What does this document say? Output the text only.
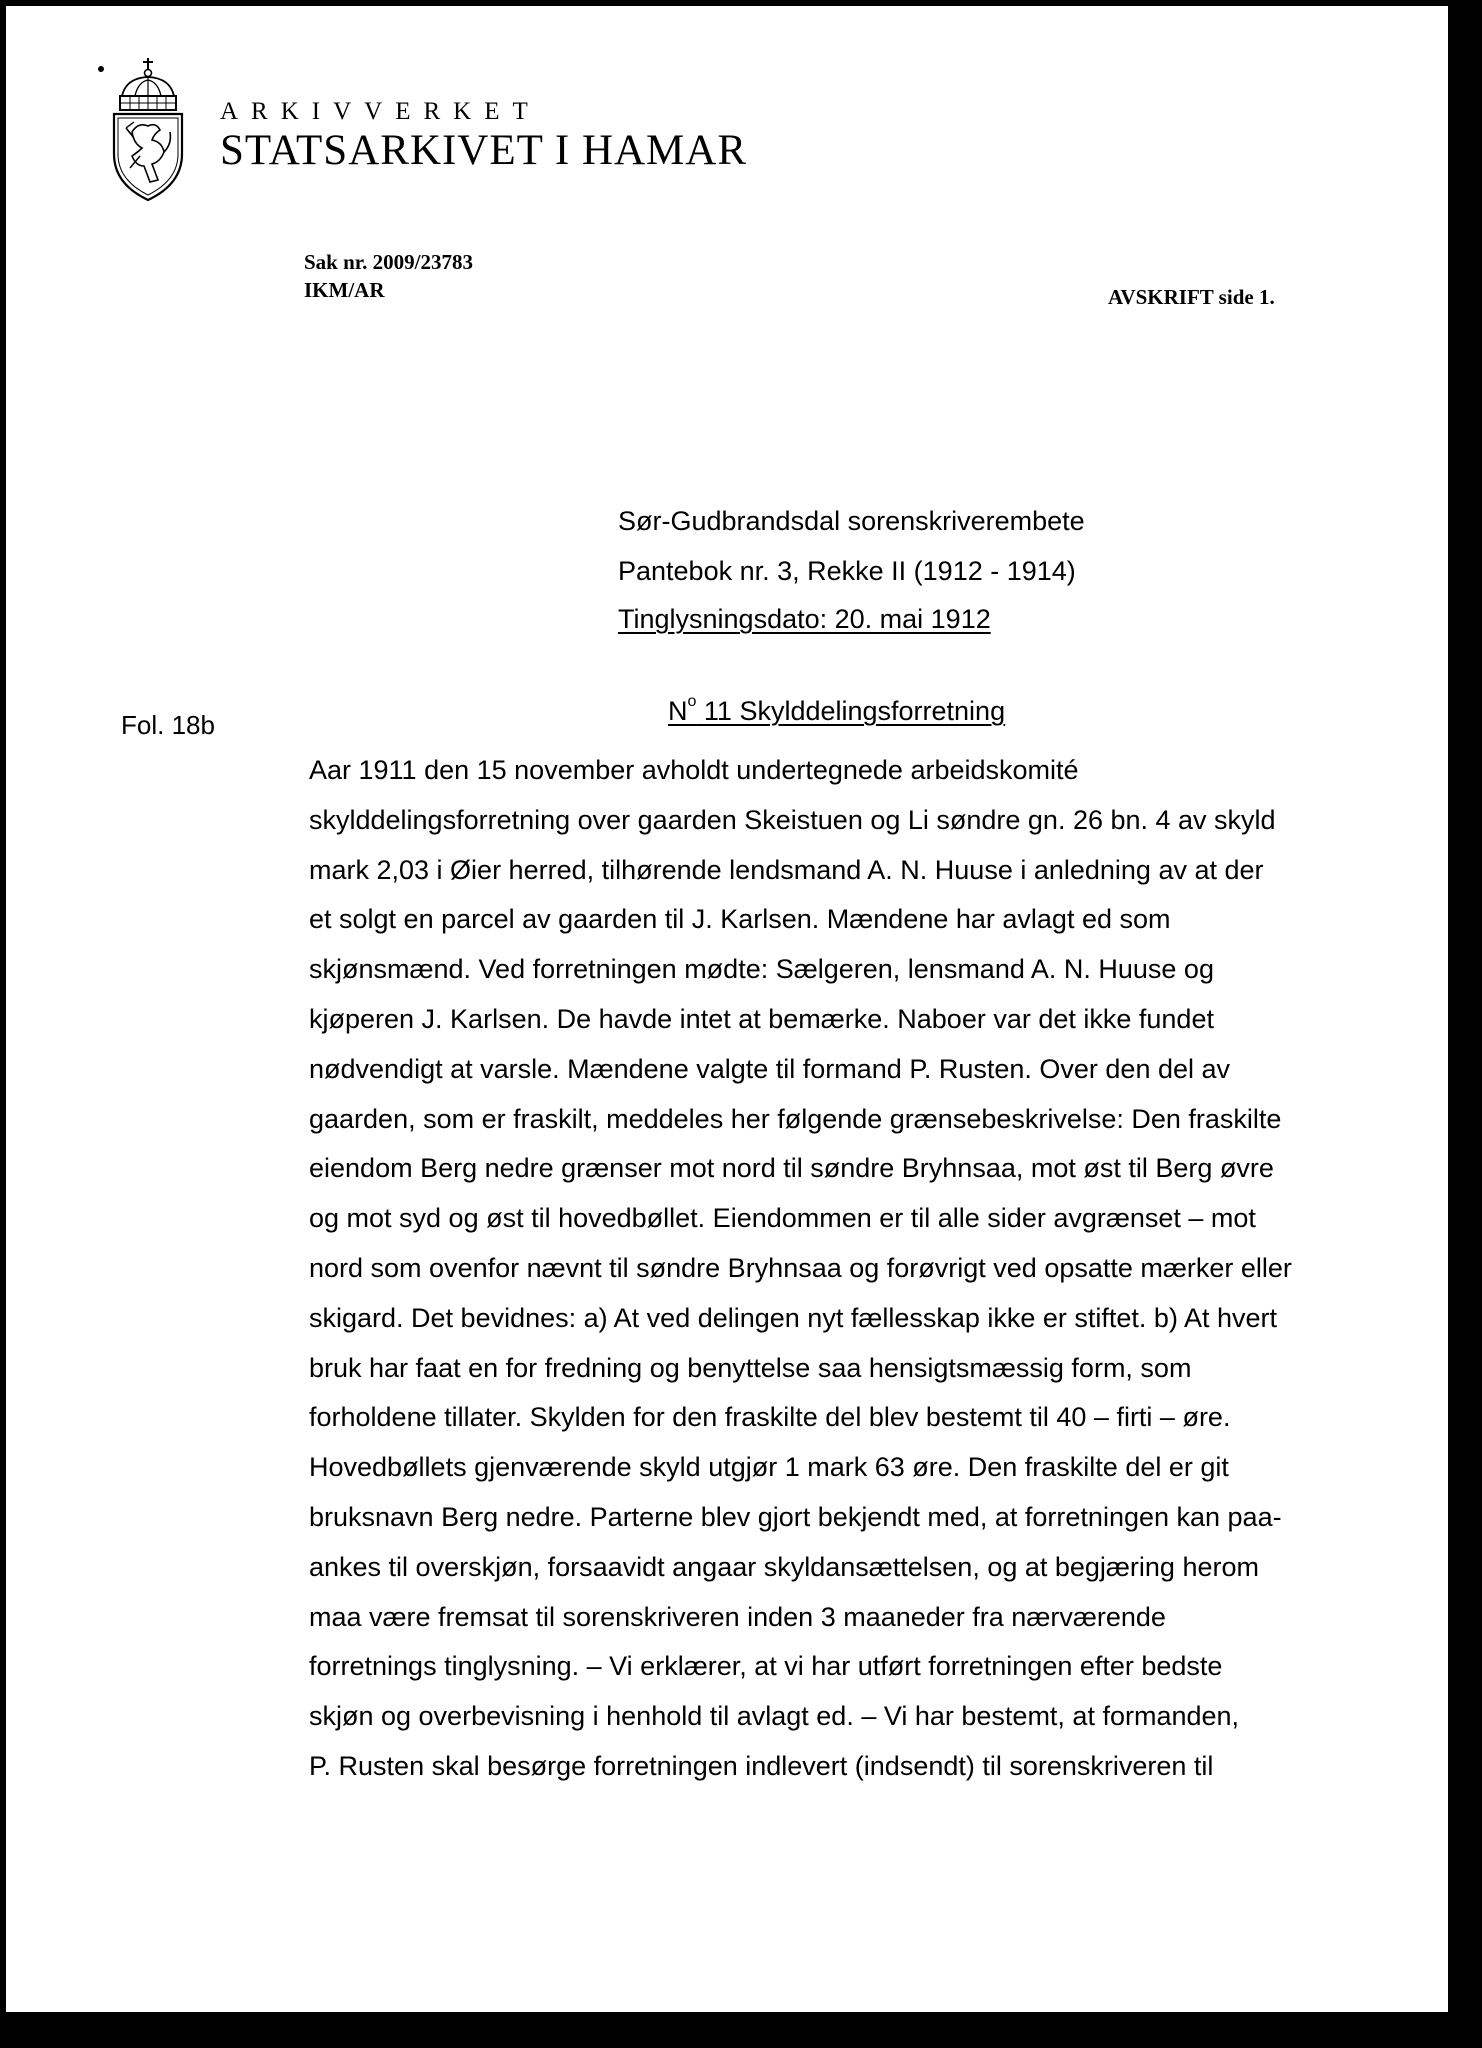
ARKIVVERKET
STATSARKIVET I HAMAR
Sak nr. 2009/23783
IKM/AR	AVSKRIFT side 1.
Sør-Gudbrandsdal sorenskriverembete
Pantebok nr. 3, Rekke II (1912 - 1914)
Tinglysningsdato: 20. mai 1912
Fol. 18b	$N^o$ 11 Skylddelingsforretning
Aar 1911 den 15 november avholdt undertegnede arbeidskomité
skylddelingsforretning over gaarden Skeistuen og Li søndre gn. 26 bn. 4 av skyld
mark 2,03 i Øier herred, tilhørende lendsmand A. N. Huuse i anledning av at der
et solgt en parcel av gaarden til J. Karlsen. Mændene har avlagt ed som
skjønsmænd. Ved forretningen mødte: Sælgeren, lensmand A. N. Huuse og
kjøperen J. Karlsen. De havde intet at bemærke. Naboer var det ikke fundet
nødvendigt at varsle. Mændene valgte til formand P. Rusten. Over den del av
gaarden, som er fraskilt, meddeles her følgende grænsebeskrivelse: Den fraskilte
eiendom Berg nedre grænser mot nord til søndre Bryhnsaa, mot øst til Berg øvre
og mot syd og øst til hovedbøllet. Eiendommen er til alle sider avgrænset – mot
nord som ovenfor nævnt til søndre Bryhnsaa og forøvrigt ved opsatte mærker eller
skigard. Det bevidnes: a) At ved delingen nyt fællesskap ikke er stiftet. b) At hvert
bruk har faat en for fredning og benyttelse saa hensigtsmæssig form, som
forholdene tillater. Skylden for den fraskilte del blev bestemt til 40 – firti – øre.
Hovedbøllets gjenværende skyld utgjør 1 mark 63 øre. Den fraskilte del er git
bruksnavn Berg nedre. Parterne blev gjort bekjendt med, at forretningen kan paa-
ankes til overskjøn, forsaavidt angaar skyldansættelsen, og at begjæring herom
maa være fremsat til sorenskriveren inden 3 maaneder fra nærværende
forretnings tinglysning. – Vi erklærer, at vi har utført forretningen efter bedste
skjøn og overbevisning i henhold til avlagt ed. – Vi har bestemt, at formanden,
P. Rusten skal besørge forretningen indlevert (indsendt) til sorenskriveren til
